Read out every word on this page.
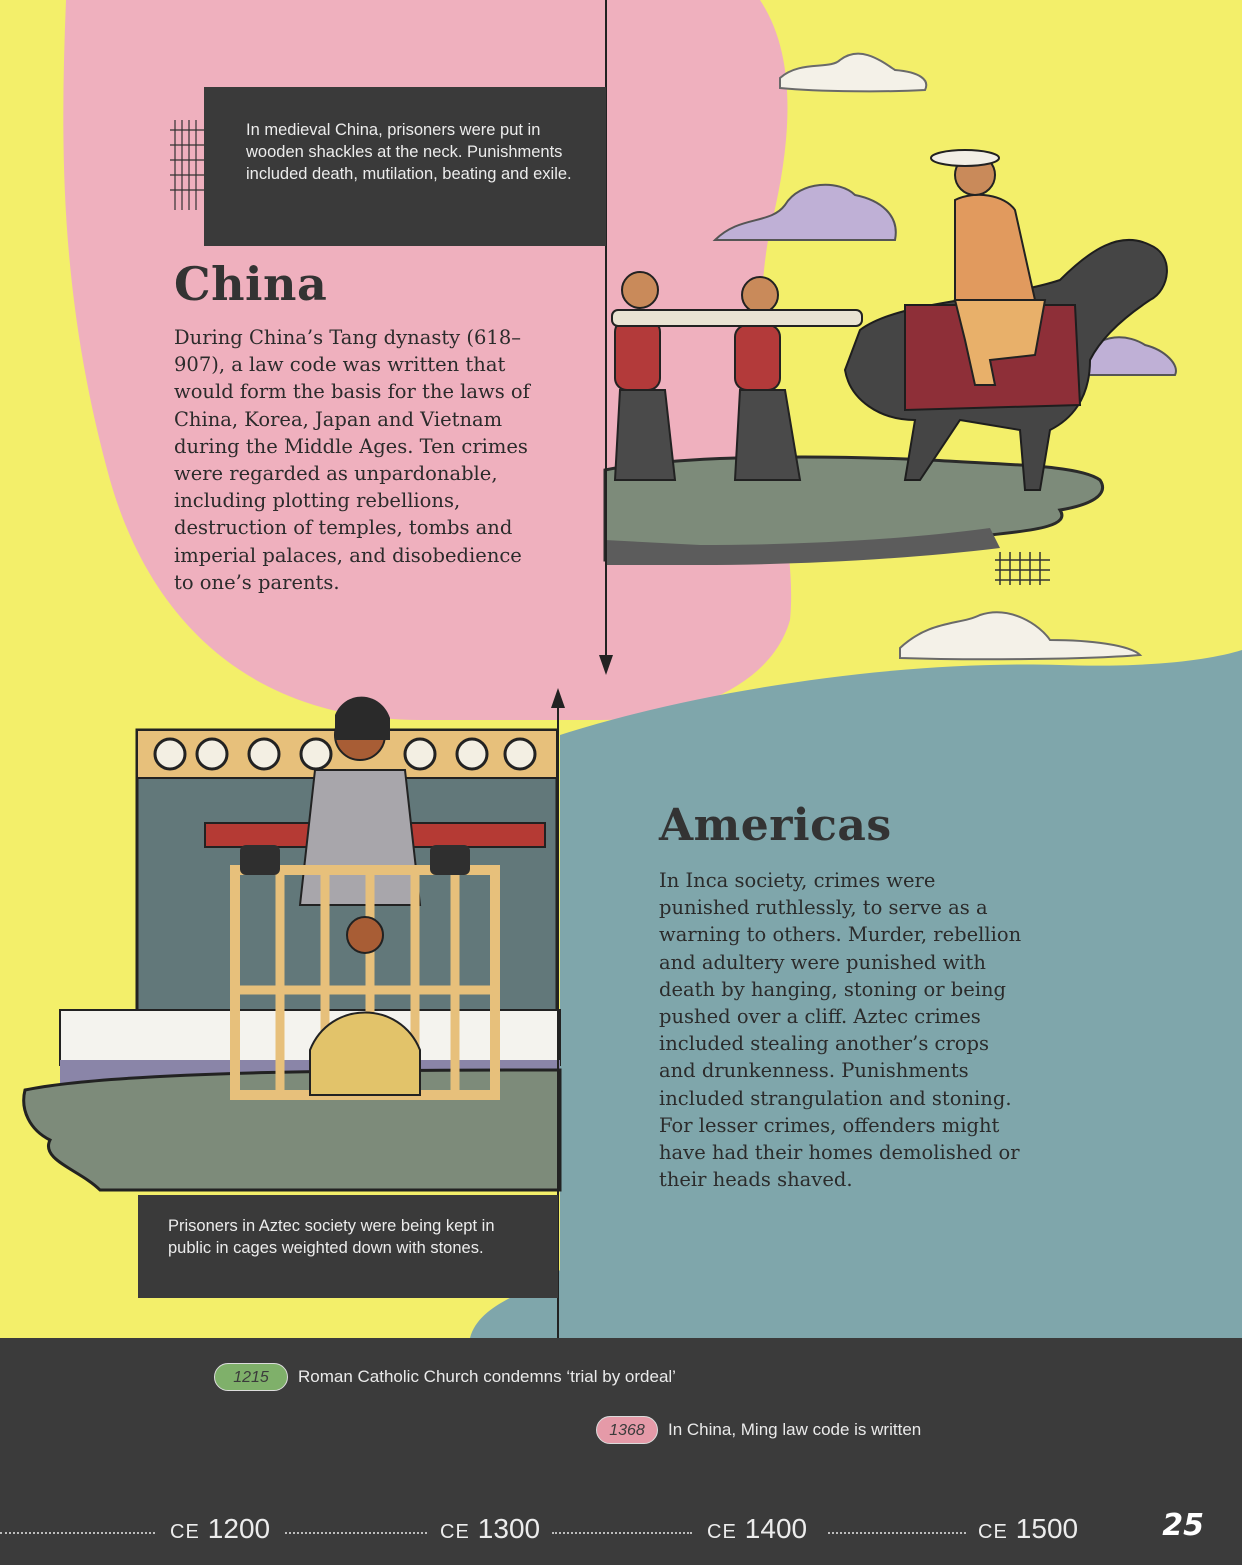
In medieval China, prisoners were put in wooden shackles at the neck. Punishments included death, mutilation, beating and exile.
China
During China’s Tang dynasty (618–907), a law code was written that would form the basis for the laws of China, Korea, Japan and Vietnam during the Middle Ages. Ten crimes were regarded as unpardonable, including plotting rebellions, destruction of temples, tombs and imperial palaces, and disobedience to one’s parents.
Prisoners in Aztec society were being kept in public in cages weighted down with stones.
Americas
In Inca society, crimes were punished ruthlessly, to serve as a warning to others. Murder, rebellion and adultery were punished with death by hanging, stoning or being pushed over a cliff. Aztec crimes included stealing another’s crops and drunkenness. Punishments included strangulation and stoning. For lesser crimes, offenders might have had their homes demolished or their heads shaved.
1215	Roman Catholic Church condemns ‘trial by ordeal’
1368	In China, Ming law code is written
CE 1200	CE 1300	CE 1400	CE 1500	25
